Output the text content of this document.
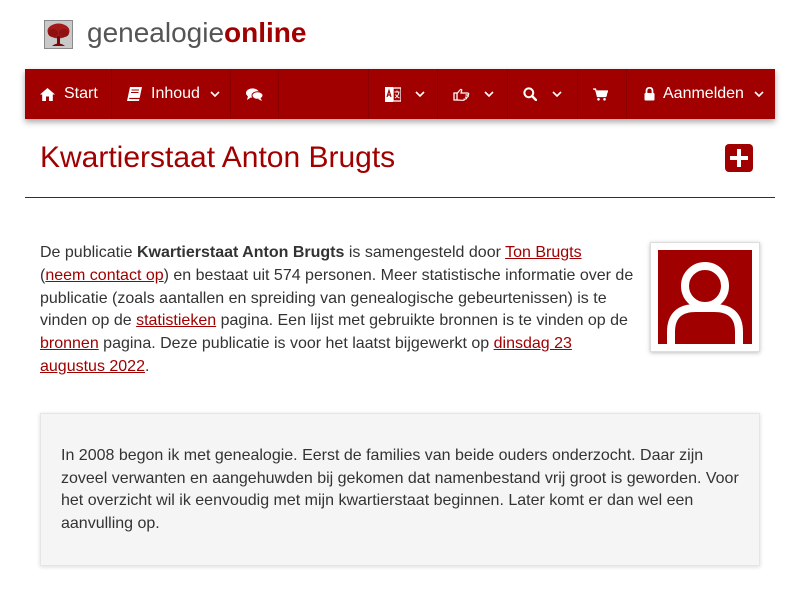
genealogieonline
Start	Inhoud	Aanmelden
Kwartierstaat Anton Brugts
De publicatie Kwartierstaat Anton Brugts is samengesteld door Ton Brugts
(neem contact op) en bestaat uit 574 personen. Meer statistische informatie over de publicatie (zoals aantallen en spreiding van genealogische gebeurtenissen) is te vinden op de statistieken pagina. Een lijst met gebruikte bronnen is te vinden op de bronnen pagina. Deze publicatie is voor het laatst bijgewerkt op dinsdag 23 augustus 2022.

In 2008 begon ik met genealogie. Eerst de families van beide ouders onderzocht. Daar zijn zoveel verwanten en aangehuwden bij gekomen dat namenbestand vrij groot is geworden. Voor het overzicht wil ik eenvoudig met mijn kwartierstaat beginnen. Later komt er dan wel een aanvulling op.
